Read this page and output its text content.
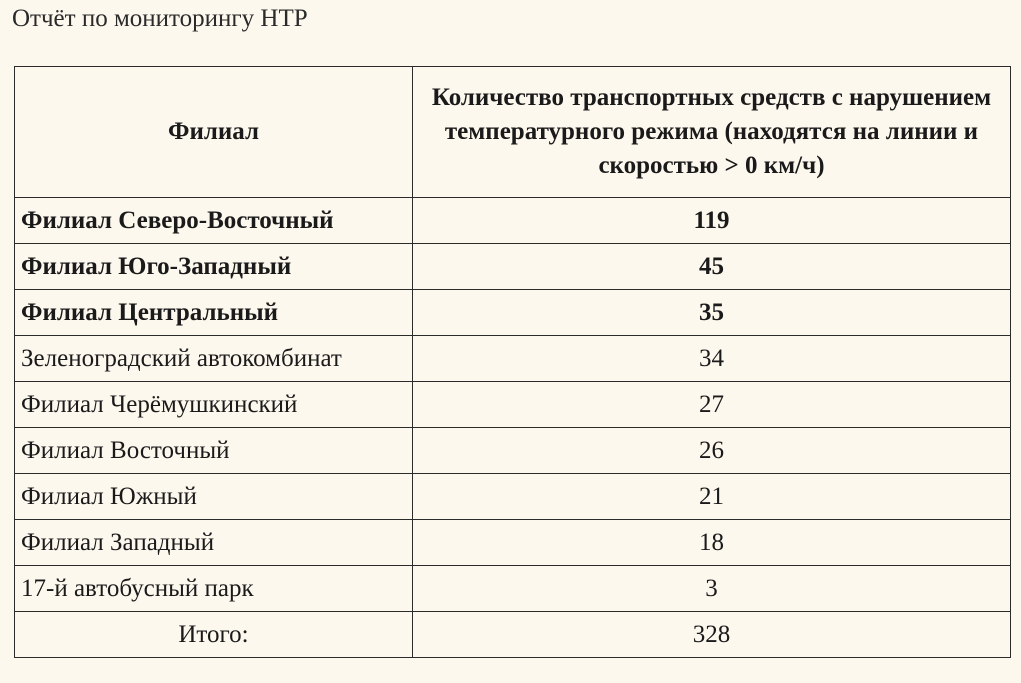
Отчёт по мониторингу НТР
Филиал	Количество транспортных средств с нарушением температурного режима (находятся на линии и скоростью > 0 км/ч)
Филиал Северо-Восточный	119
Филиал Юго-Западный	45
Филиал Центральный	35
Зеленоградский автокомбинат	34
Филиал Черёмушкинский	27
Филиал Восточный	26
Филиал Южный	21
Филиал Западный	18
17-й автобусный парк	3
Итого:	328
